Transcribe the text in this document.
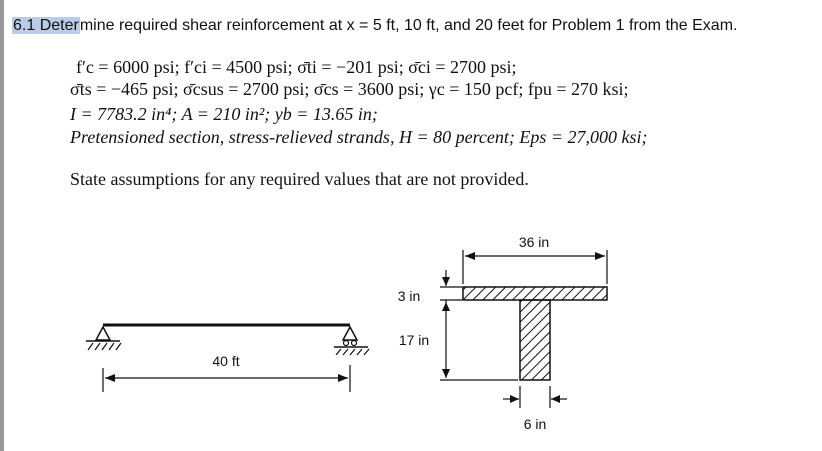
6.1 Determine required shear reinforcement at x = 5 ft, 10 ft, and 20 feet for Problem 1 from the Exam.
f′c = 6000 psi; f′ci = 4500 psi; σ̄ti = −201 psi; σ̄ci = 2700 psi;
σ̄ts = −465 psi; σ̄csus = 2700 psi; σ̄cs = 3600 psi; γc = 150 pcf; fpu = 270 ksi;
I = 7783.2 in⁴; A = 210 in²; yb = 13.65 in;
Pretensioned section, stress-relieved strands, H = 80 percent; Eps = 27,000 ksi;
State assumptions for any required values that are not provided.
40 ft
36 in
3 in
17 in
6 in
